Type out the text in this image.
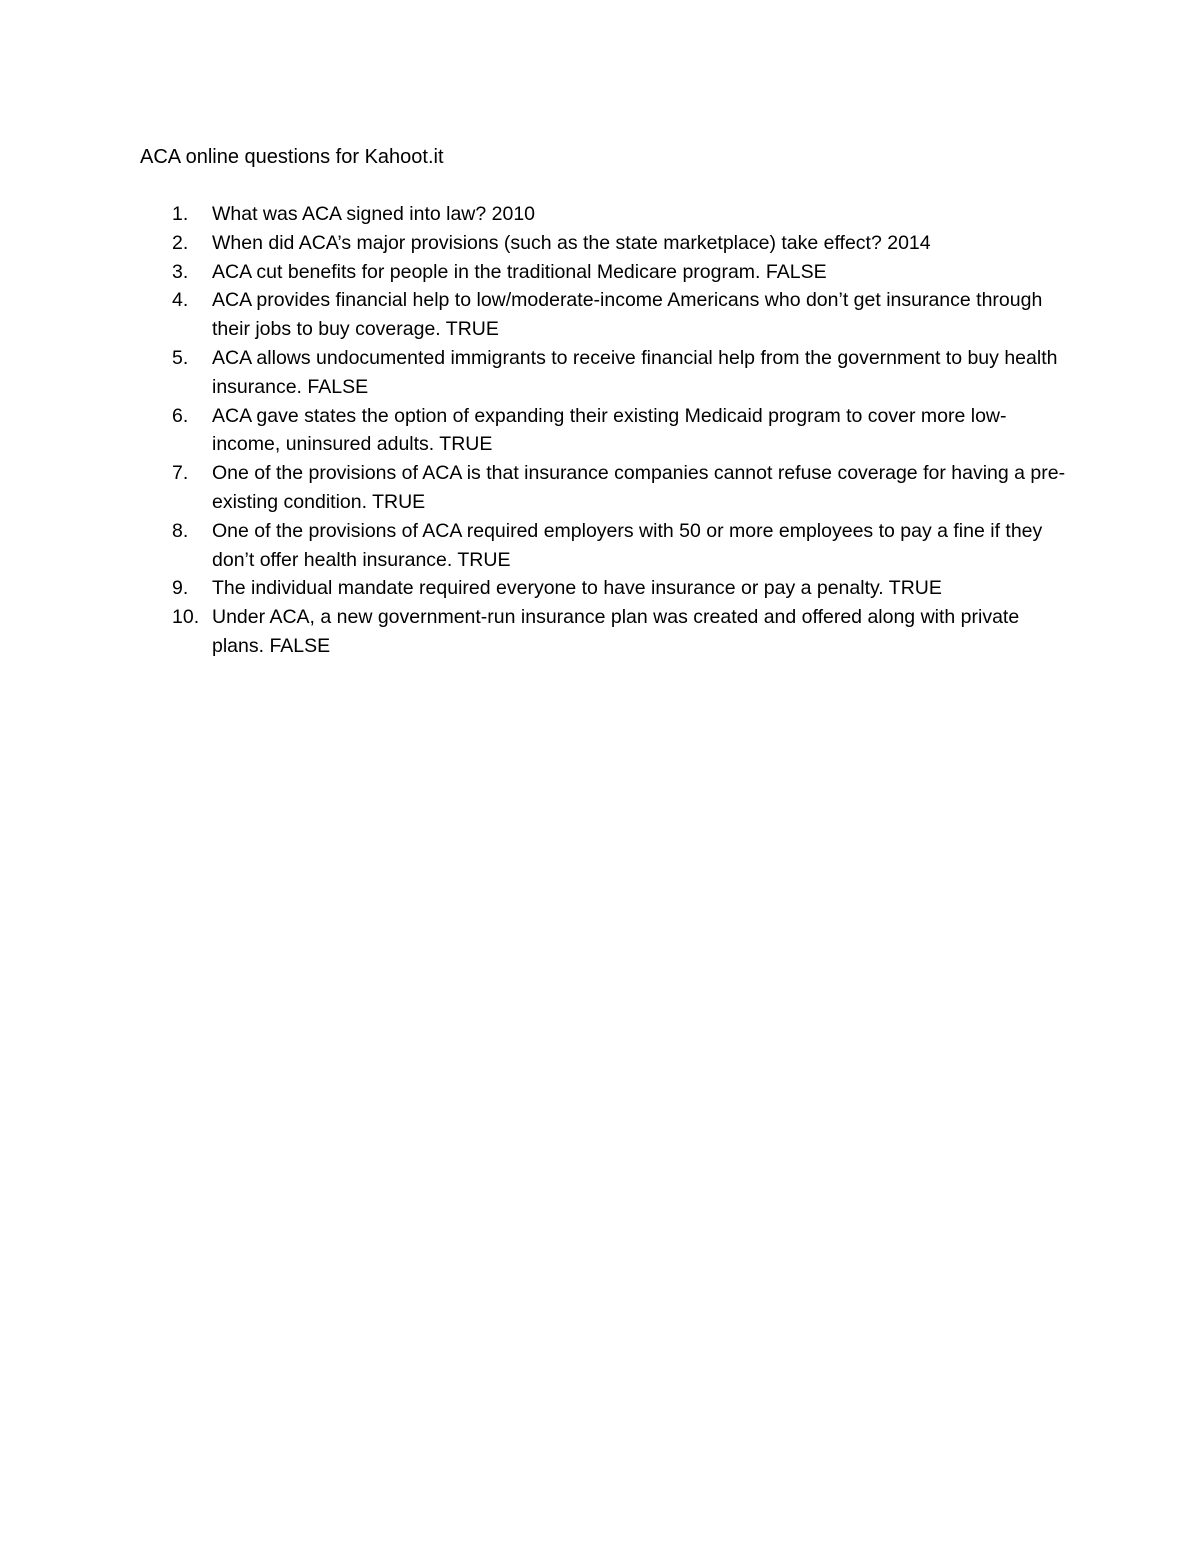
ACA online questions for Kahoot.it
1.	What was ACA signed into law? 2010
2.	When did ACA’s major provisions (such as the state marketplace) take effect? 2014
3.	ACA cut benefits for people in the traditional Medicare program. FALSE
4.	ACA provides financial help to low/moderate-income Americans who don’t get insurance through their jobs to buy coverage. TRUE
5.	ACA allows undocumented immigrants to receive financial help from the government to buy health insurance. FALSE
6.	ACA gave states the option of expanding their existing Medicaid program to cover more low-income, uninsured adults. TRUE
7.	One of the provisions of ACA is that insurance companies cannot refuse coverage for having a pre-existing condition. TRUE
8.	One of the provisions of ACA required employers with 50 or more employees to pay a fine if they don’t offer health insurance. TRUE
9.	The individual mandate required everyone to have insurance or pay a penalty. TRUE
10. Under ACA, a new government-run insurance plan was created and offered along with private plans. FALSE
